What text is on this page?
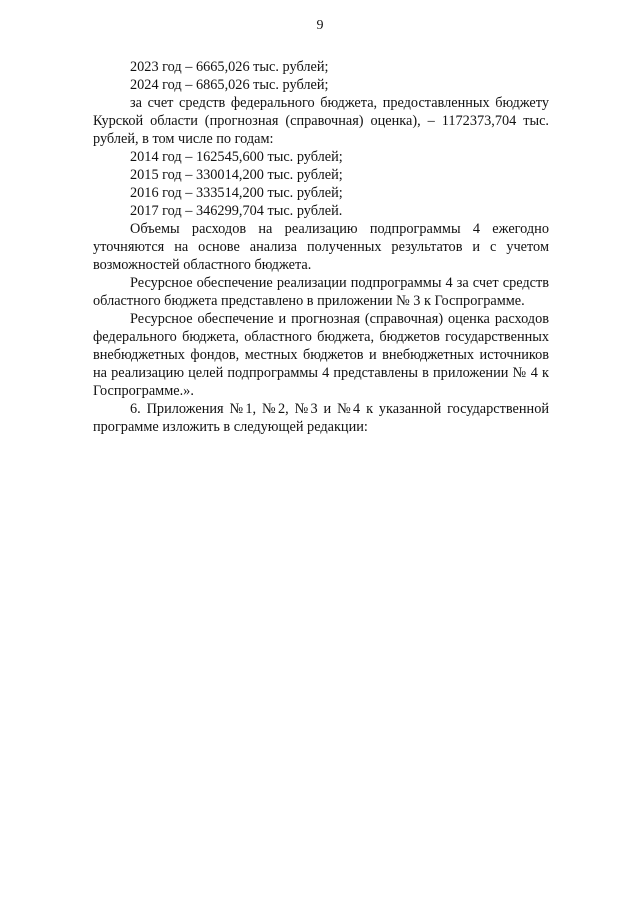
9
2023 год – 6665,026 тыс. рублей;
2024 год – 6865,026 тыс. рублей;
за счет средств федерального бюджета, предоставленных бюджету
Курской области (прогнозная (справочная) оценка), – 1172373,704 тыс.
рублей, в том числе по годам:
2014 год – 162545,600 тыс. рублей;
2015 год – 330014,200 тыс. рублей;
2016 год – 333514,200 тыс. рублей;
2017 год – 346299,704 тыс. рублей.
Объемы расходов на реализацию подпрограммы 4 ежегодно
уточняются на основе анализа полученных результатов и с учетом
возможностей областного бюджета.
Ресурсное обеспечение реализации подпрограммы 4 за счет средств
областного бюджета представлено в приложении № 3 к Госпрограмме.
Ресурсное обеспечение и прогнозная (справочная) оценка расходов
федерального бюджета, областного бюджета, бюджетов государственных
внебюджетных фондов, местных бюджетов и внебюджетных источников
на реализацию целей подпрограммы 4 представлены в приложении № 4 к
Госпрограмме.».
6. Приложения №1, №2, №3 и №4 к указанной государственной
программе изложить в следующей редакции:
